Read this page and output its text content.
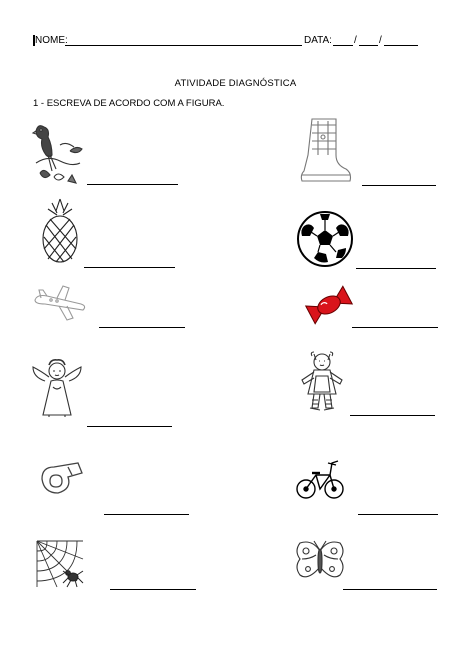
NOME:	DATA: / /
ATIVIDADE DIAGNÓSTICA
1 - ESCREVA DE ACORDO COM A FIGURA.
